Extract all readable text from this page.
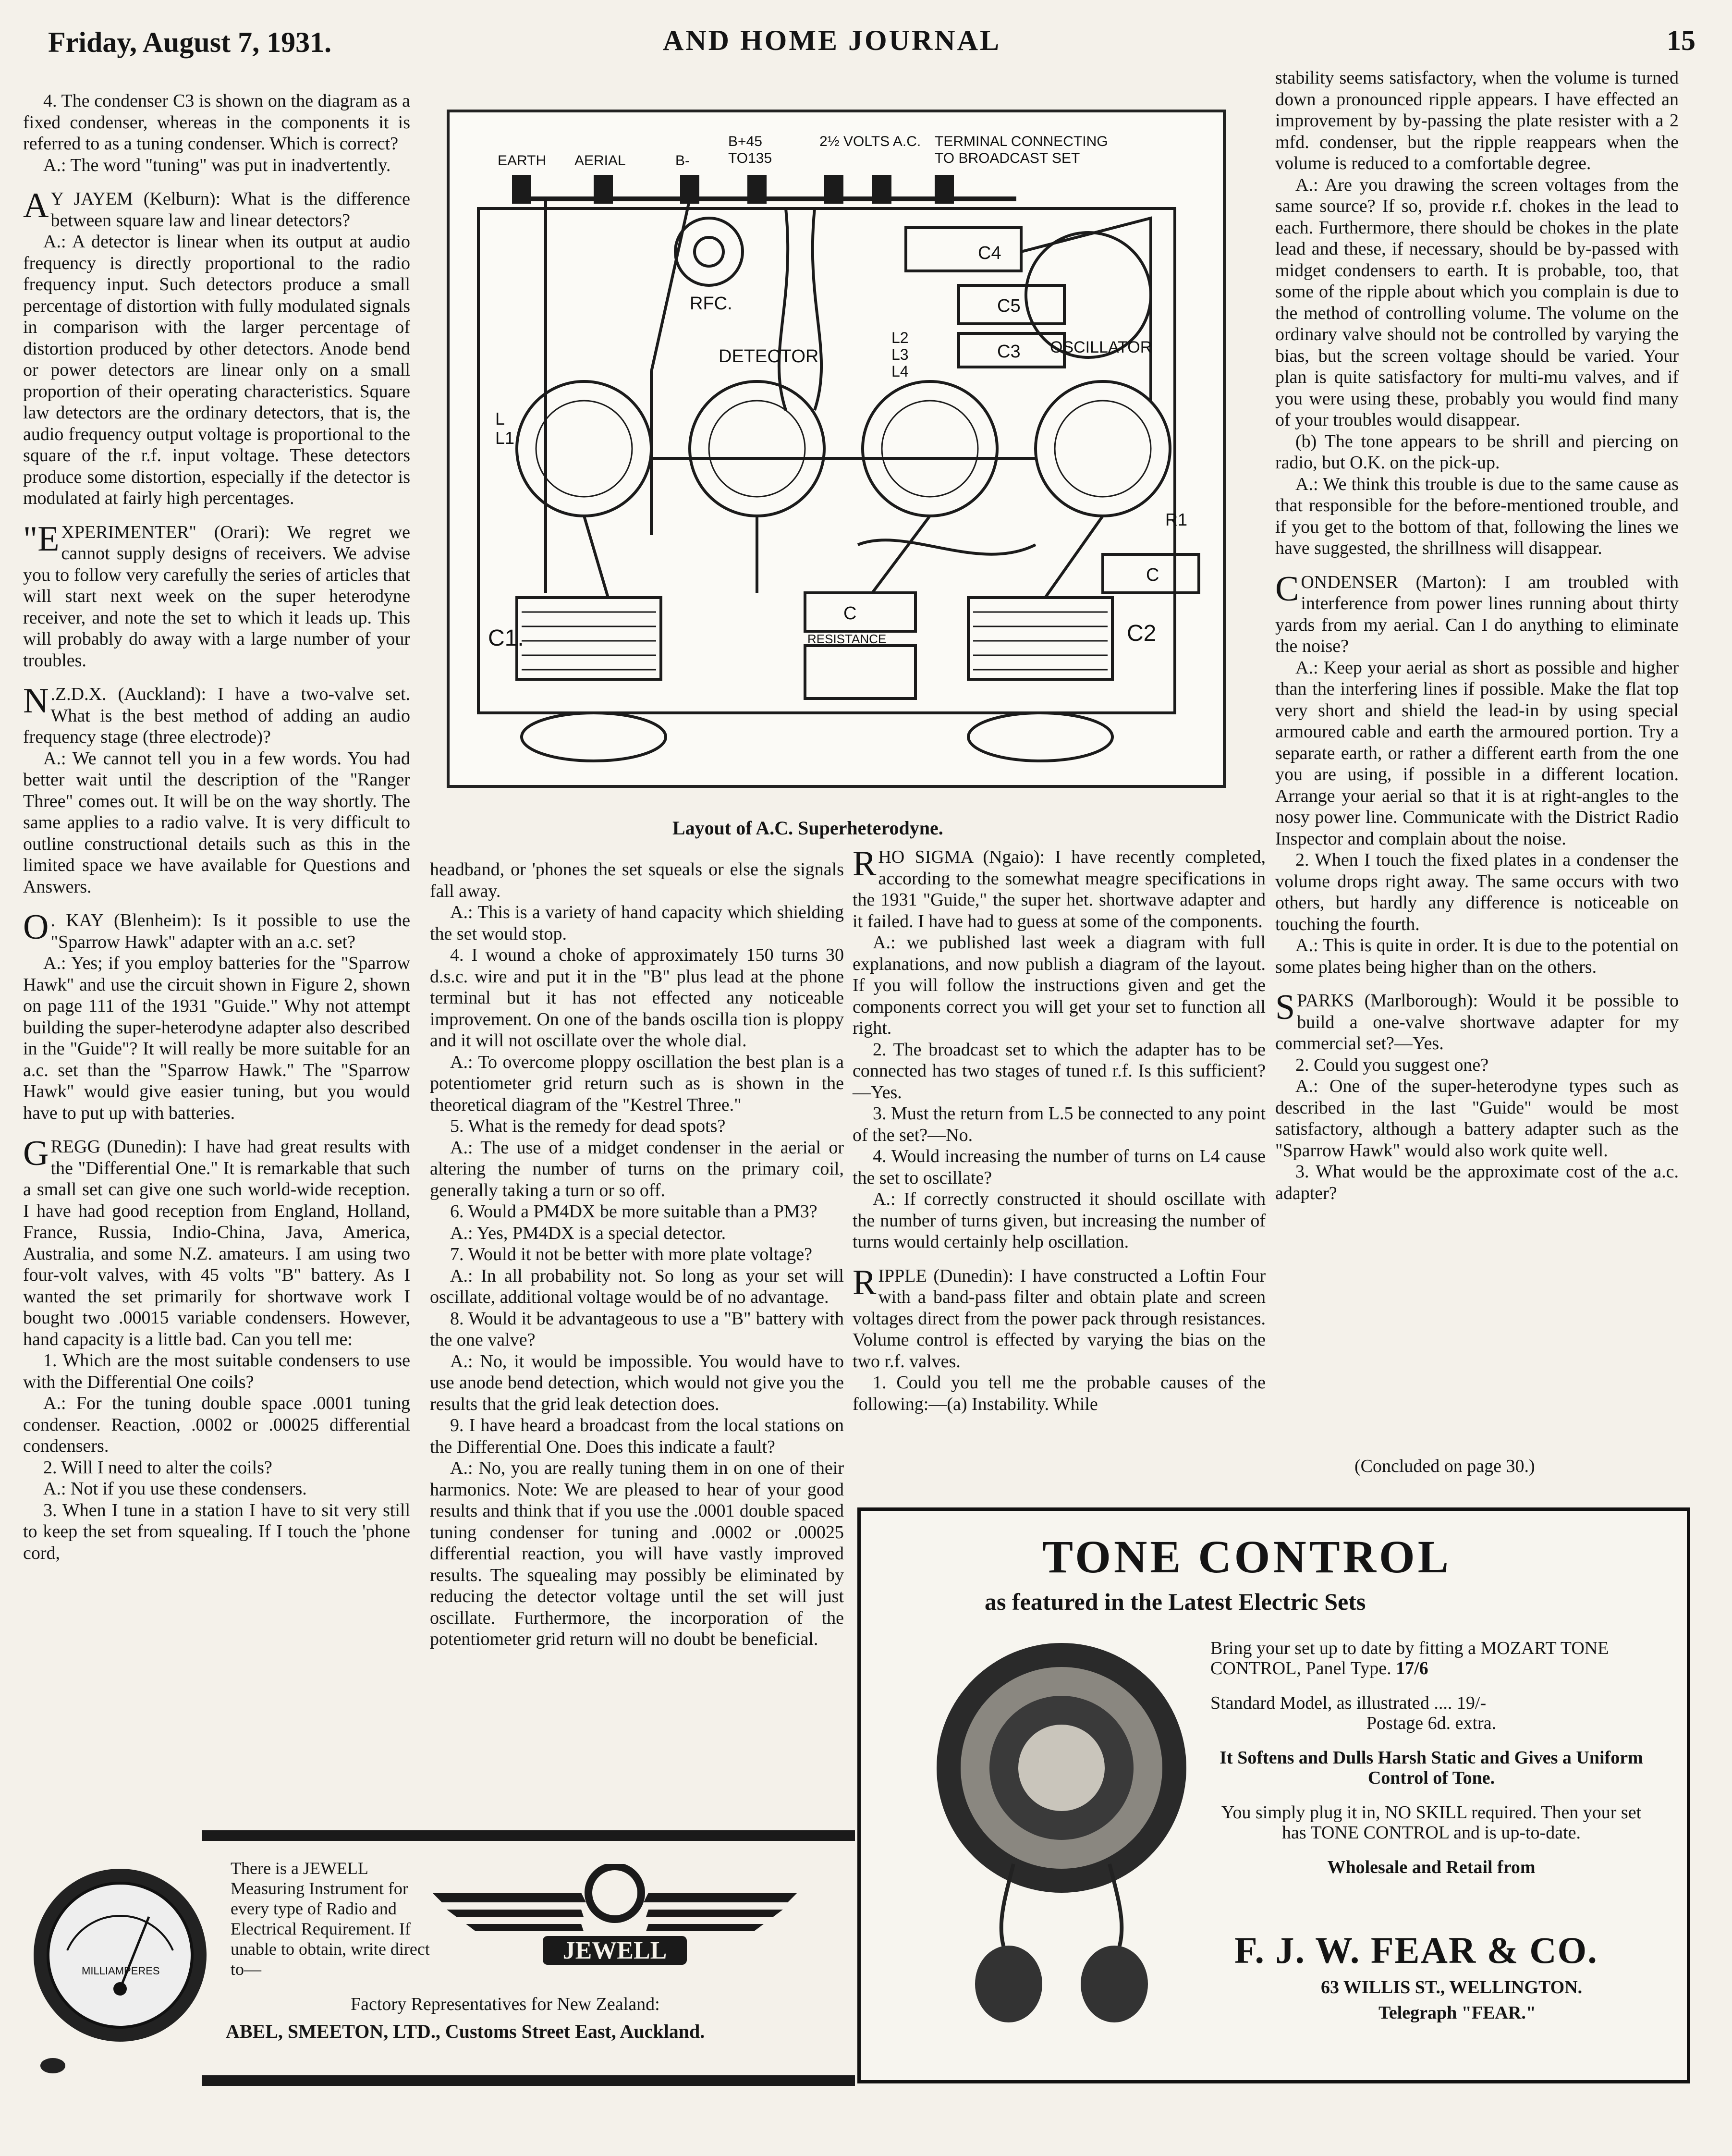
Friday, August 7, 1931.	AND HOME JOURNAL	15

4. The condenser C3 is shown on the diagram as a fixed condenser, whereas in the components it is referred to as a tuning condenser. Which is correct?

A.: The word "tuning" was put in inadvertently.

A Y JAYEM (Kelburn): What is the difference between square law and linear detectors?

A.: A detector is linear when its output at audio frequency is directly proportional to the radio frequency input. Such detectors produce a small percentage of distortion with fully modulated signals in comparison with the larger percentage of distortion produced by other detectors. Anode bend or power detectors are linear only on a small proportion of their operating characteristics. Square law detectors are the ordinary detectors, that is, the audio frequency output voltage is proportional to the square of the r.f. input voltage. These detectors produce some distortion, especially if the detector is modulated at fairly high percentages.

"EXPERIMENTER" (Orari): We regret we cannot supply designs of receivers. We advise you to follow very carefully the series of articles that will start next week on the super heterodyne receiver, and note the set to which it leads up. This will probably do away with a large number of your troubles.

N .Z.D.X. (Auckland): I have a two-valve set. What is the best method of adding an audio frequency stage (three electrode)?

A.: We cannot tell you in a few words. You had better wait until the description of the "Ranger Three" comes out. It will be on the way shortly. The same applies to a radio valve. It is very difficult to outline constructional details such as this in the limited space we have available for Questions and Answers.

O . KAY (Blenheim): Is it possible to use the "Sparrow Hawk" adapter with an a.c. set?

A.: Yes; if you employ batteries for the "Sparrow Hawk" and use the circuit shown in Figure 2, shown on page 111 of the 1931 "Guide." Why not attempt building the super-heterodyne adapter also described in the "Guide"? It will really be more suitable for an a.c. set than the "Sparrow Hawk." The "Sparrow Hawk" would give easier tuning, but you would have to put up with batteries.

GREGG (Dunedin): I have had great results with the "Differential One." It is remarkable that such a small set can give one such world-wide reception. I have had good reception from England, Holland, France, Russia, Indio-China, Java, America, Australia, and some N.Z. amateurs. I am using two four-volt valves, with 45 volts "B" battery. As I wanted the set primarily for shortwave work I bought two .00015 variable condensers. However, hand capacity is a little bad. Can you tell me:

1. Which are the most suitable condensers to use with the Differential One coils?

A.: For the tuning double space .0001 tuning condenser. Reaction, .0002 or .00025 differential condensers.

2. Will I need to alter the coils?

A.: Not if you use these condensers.

3. When I tune in a station I have to sit very still to keep the set from squealing. If I touch the 'phone cord,

EARTH AERIAL	B-
B+45
TO135
2½ VOLTS A.C. TERMINAL CONNECTING
TO BROADCAST SET
RFC.
DETECTOR	OSCILLATOR
C4
C5
C3
L2
L3
L4
L
L1
R1
C
C
RESISTANCE
C1.	C2
Layout of A.C. Superheterodyne.

headband, or 'phones the set squeals or else the signals fall away.

A.: This is a variety of hand capacity which shielding the set would stop.

4. I wound a choke of approximately 150 turns 30 d.s.c. wire and put it in the "B" plus lead at the phone terminal but it has not effected any noticeable improvement. On one of the bands oscilla tion is ploppy and it will not oscillate over the whole dial.

A.: To overcome ploppy oscillation the best plan is a potentiometer grid return such as is shown in the theoretical diagram of the "Kestrel Three."

5. What is the remedy for dead spots?

A.: The use of a midget condenser in the aerial or altering the number of turns on the primary coil, generally taking a turn or so off.

6. Would a PM4DX be more suitable than a PM3?

A.: Yes, PM4DX is a special detector.

7. Would it not be better with more plate voltage?

A.: In all probability not. So long as your set will oscillate, additional voltage would be of no advantage.

8. Would it be advantageous to use a "B" battery with the one valve?

A.: No, it would be impossible. You would have to use anode bend detection, which would not give you the results that the grid leak detection does.

9. I have heard a broadcast from the local stations on the Differential One. Does this indicate a fault?

A.: No, you are really tuning them in on one of their harmonics. Note: We are pleased to hear of your good results and think that if you use the .0001 double spaced tuning condenser for tuning and .0002 or .00025 differential reaction, you will have vastly improved results. The squealing may possibly be eliminated by reducing the detector voltage until the set will just oscillate. Furthermore, the incorporation of the potentiometer grid return will no doubt be beneficial.

RHO SIGMA (Ngaio): I have recently completed, according to the somewhat meagre specifications in the 1931 "Guide," the super het. shortwave adapter and it failed. I have had to guess at some of the components.

A.: we published last week a diagram with full explanations, and now publish a diagram of the layout. If you will follow the instructions given and get the components correct you will get your set to function all right.

2. The broadcast set to which the adapter has to be connected has two stages of tuned r.f. Is this sufficient?—Yes.

3. Must the return from L.5 be connected to any point of the set?—No.

4. Would increasing the number of turns on L4 cause the set to oscillate?

A.: If correctly constructed it should oscillate with the number of turns given, but increasing the number of turns would certainly help oscillation.

RIPPLE (Dunedin): I have constructed a Loftin Four with a band-pass filter and obtain plate and screen voltages direct from the power pack through resistances. Volume control is effected by varying the bias on the two r.f. valves.

1. Could you tell me the probable causes of the following:—(a) Instability. While

stability seems satisfactory, when the volume is turned down a pronounced ripple appears. I have effected an improvement by by-passing the plate resister with a 2 mfd. condenser, but the ripple reappears when the volume is reduced to a comfortable degree.

A.: Are you drawing the screen voltages from the same source? If so, provide r.f. chokes in the lead to each. Furthermore, there should be chokes in the plate lead and these, if necessary, should be by-passed with midget condensers to earth. It is probable, too, that some of the ripple about which you complain is due to the method of controlling volume. The volume on the ordinary valve should not be controlled by varying the bias, but the screen voltage should be varied. Your plan is quite satisfactory for multi-mu valves, and if you were using these, probably you would find many of your troubles would disappear.

(b) The tone appears to be shrill and piercing on radio, but O.K. on the pick-up.

A.: We think this trouble is due to the same cause as that responsible for the before-mentioned trouble, and if you get to the bottom of that, following the lines we have suggested, the shrillness will disappear.

CONDENSER (Marton): I am troubled with interference from power lines running about thirty yards from my aerial. Can I do anything to eliminate the noise?

A.: Keep your aerial as short as possible and higher than the interfering lines if possible. Make the flat top very short and shield the lead-in by using special armoured cable and earth the armoured portion. Try a separate earth, or rather a different earth from the one you are using, if possible in a different location. Arrange your aerial so that it is at right-angles to the nosy power line. Communicate with the District Radio Inspector and complain about the noise.

2. When I touch the fixed plates in a condenser the volume drops right away. The same occurs with two others, but hardly any difference is noticeable on touching the fourth.

A.: This is quite in order. It is due to the potential on some plates being higher than on the others.

SPARKS (Marlborough): Would it be possible to build a one-valve shortwave adapter for my commercial set?—Yes.

2. Could you suggest one?

A.: One of the super-heterodyne types such as described in the last "Guide" would be most satisfactory, although a battery adapter such as the "Sparrow Hawk" would also work quite well.

3. What would be the approximate cost of the a.c. adapter?

(Concluded on page 30.)
MILLIAMPERES
There is a JEWELL Measuring Instrument for every type of Radio and Electrical Requirement. If unable to obtain, write direct to—
JEWELL
Factory Representatives for New Zealand:
ABEL, SMEETON, LTD., Customs Street East, Auckland.
TONE CONTROL
as featured in the Latest Electric Sets

Bring your set up to date by fitting a MOZART TONE CONTROL, Panel Type. 17/6

Standard Model, as illustrated .... 19/-

Postage 6d. extra.

It Softens and Dulls Harsh Static and Gives a Uniform Control of Tone.

You simply plug it in, NO SKILL required. Then your set has TONE CONTROL and is up-to-date.

Wholesale and Retail from

F. J. W. FEAR & CO.
63 WILLIS ST., WELLINGTON.
Telegraph "FEAR."
